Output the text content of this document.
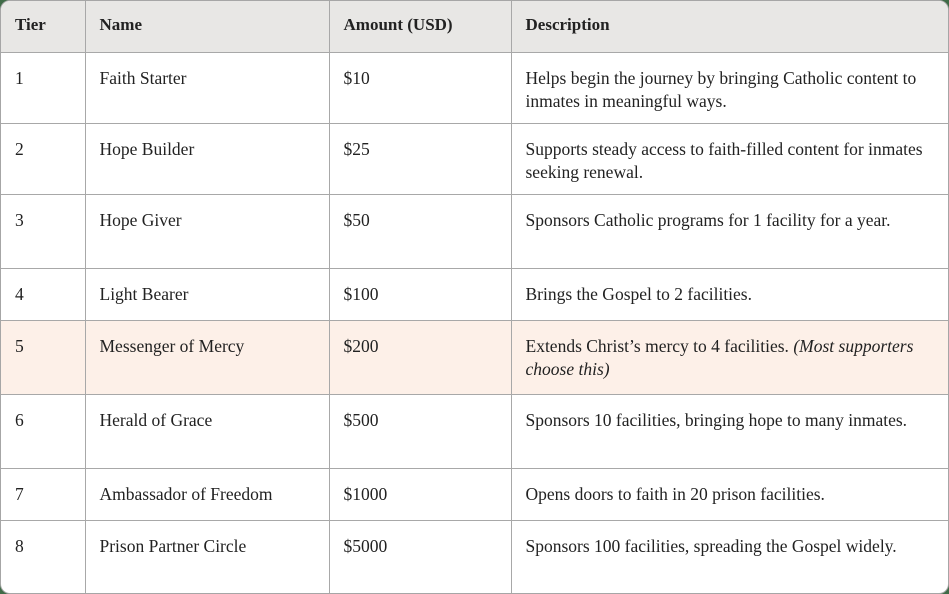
Tier	Name	Amount (USD)	Description
1	Faith Starter	$10	Helps begin the journey by bringing Catholic content to inmates in meaningful ways.
2	Hope Builder	$25	Supports steady access to faith-filled content for inmates seeking renewal.
3	Hope Giver	$50	Sponsors Catholic programs for 1 facility for a year.
4	Light Bearer	$100	Brings the Gospel to 2 facilities.
5	Messenger of Mercy	$200	Extends Christ’s mercy to 4 facilities. (Most supporters choose this)
6	Herald of Grace	$500	Sponsors 10 facilities, bringing hope to many inmates.
7	Ambassador of Freedom	$1000	Opens doors to faith in 20 prison facilities.
8	Prison Partner Circle	$5000	Sponsors 100 facilities, spreading the Gospel widely.
